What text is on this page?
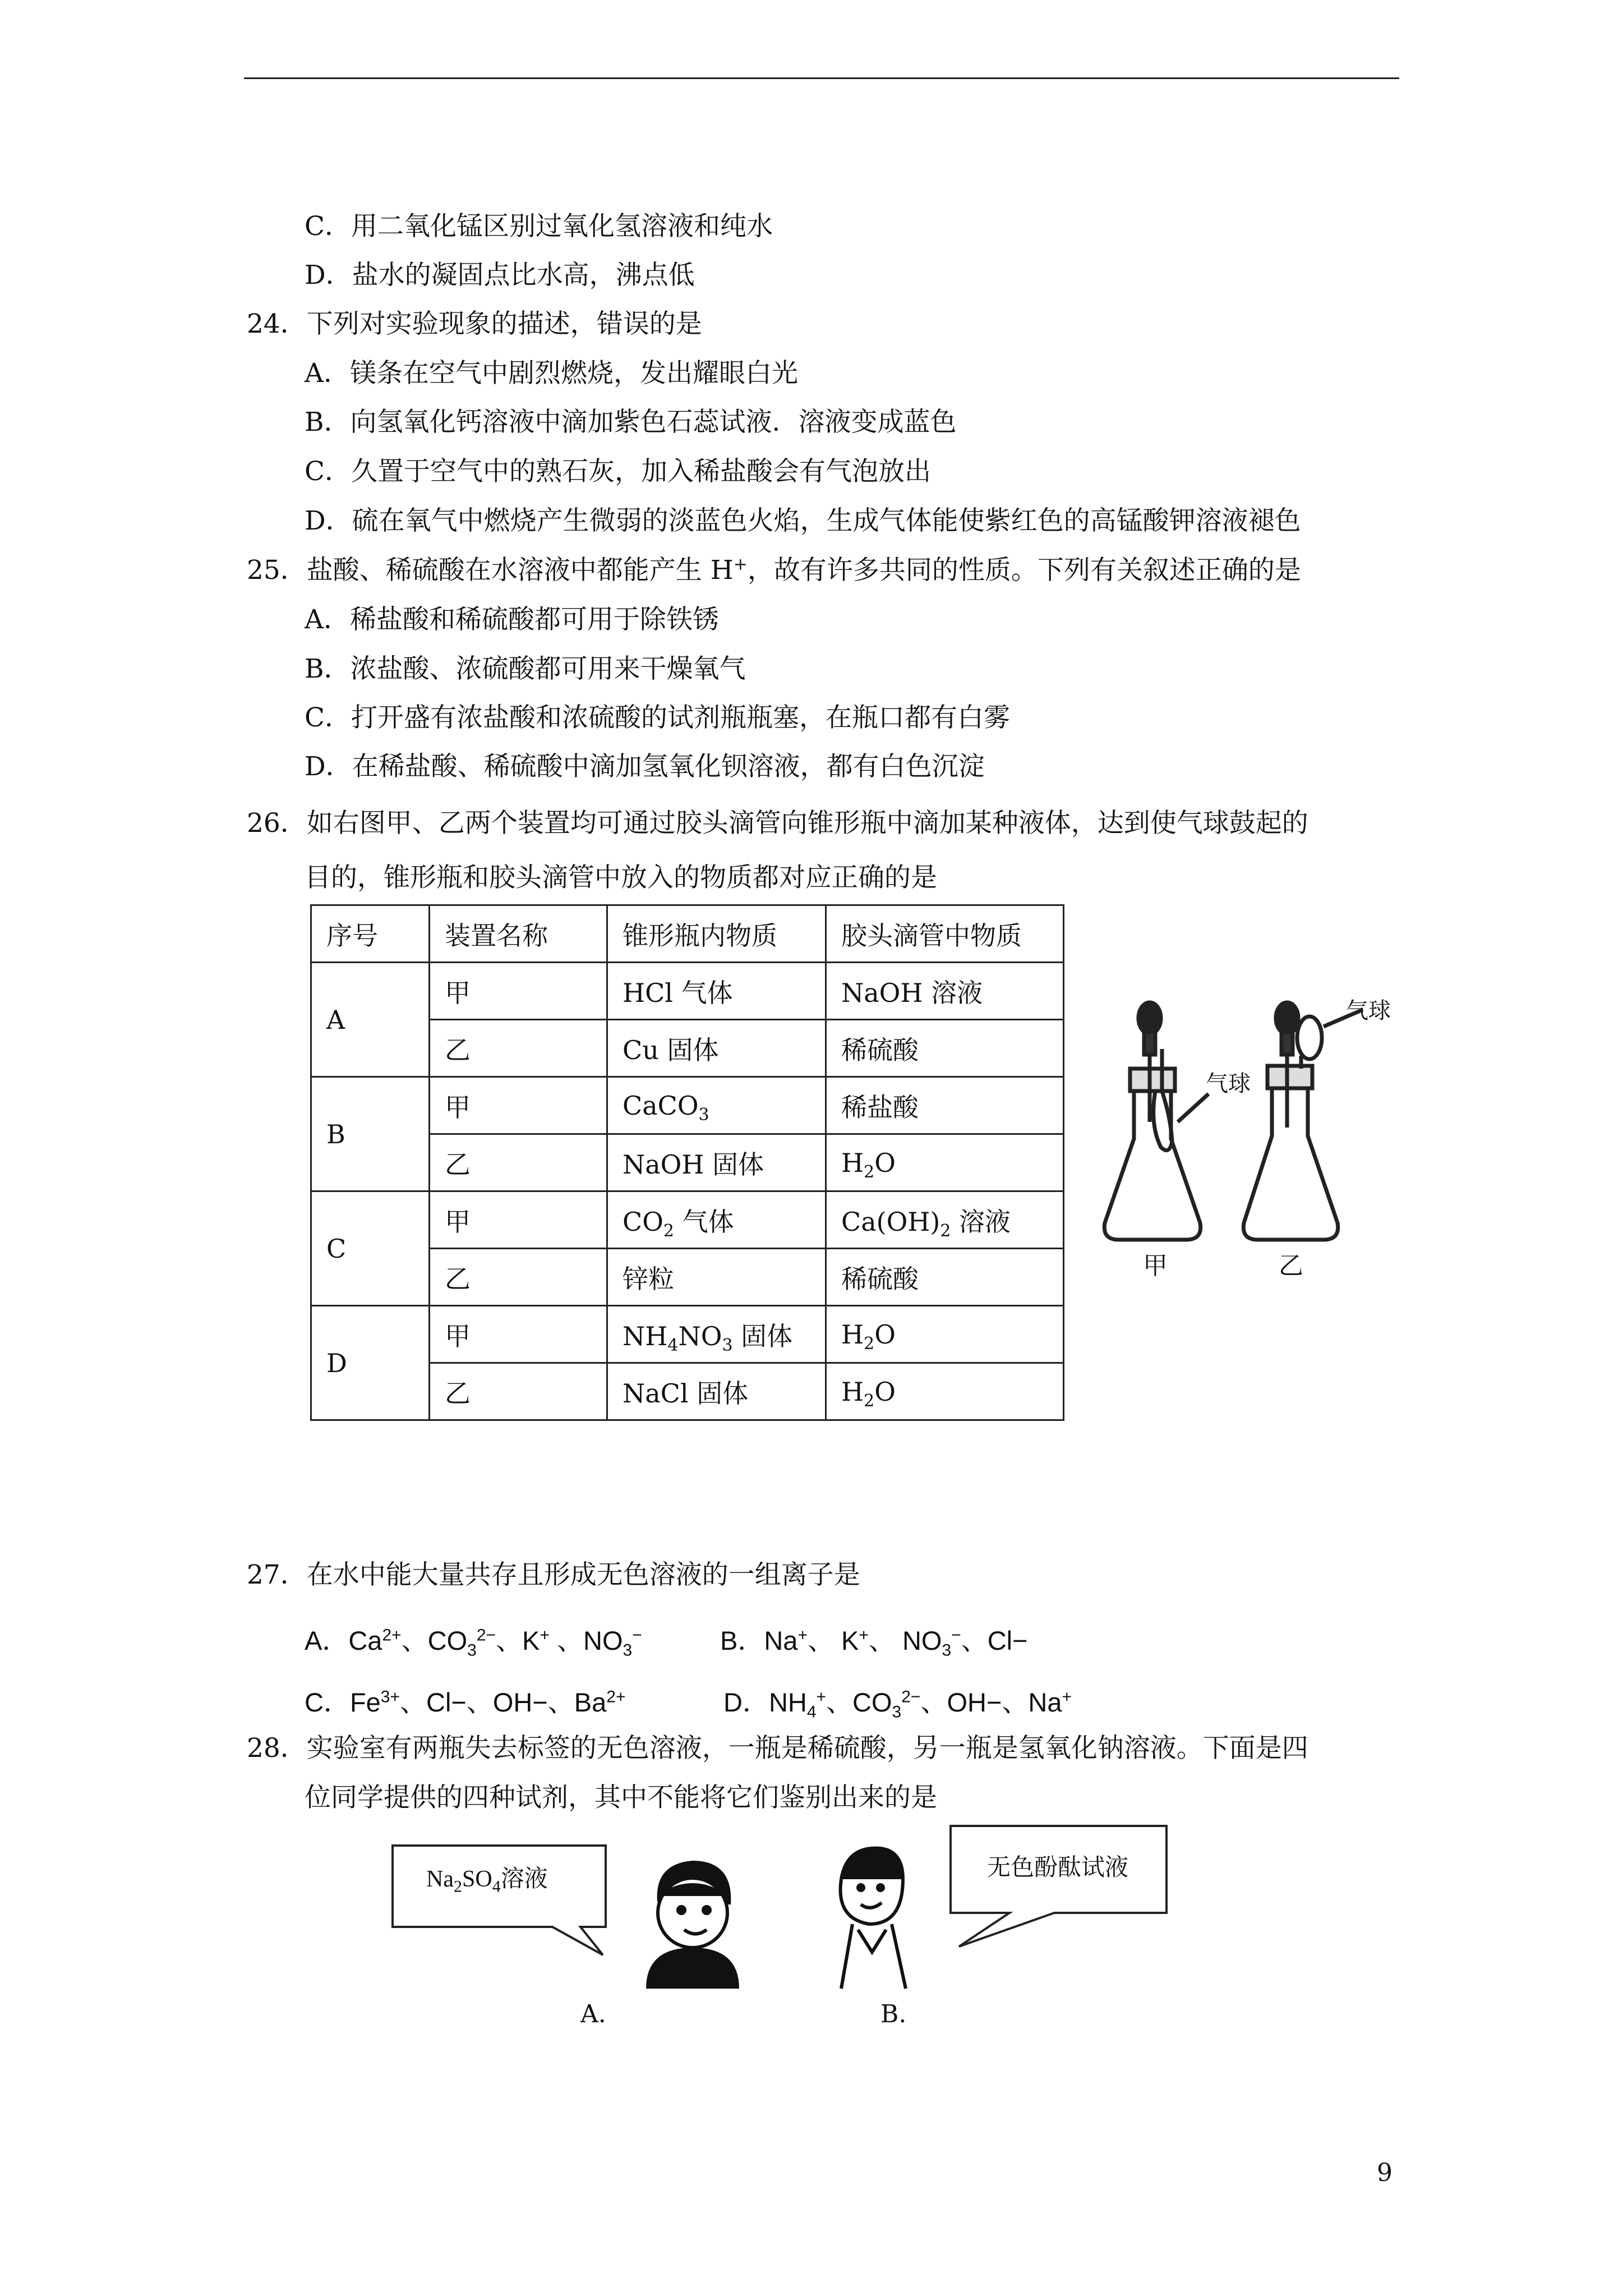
C．用二氧化锰区别过氧化氢溶液和纯水
D．盐水的凝固点比水高，沸点低
24．下列对实验现象的描述，错误的是
A．镁条在空气中剧烈燃烧，发出耀眼白光
B．向氢氧化钙溶液中滴加紫色石蕊试液．溶液变成蓝色
C．久置于空气中的熟石灰，加入稀盐酸会有气泡放出
D．硫在氧气中燃烧产生微弱的淡蓝色火焰，生成气体能使紫红色的高锰酸钾溶液褪色
25．盐酸、稀硫酸在水溶液中都能产生 H+，故有许多共同的性质。下列有关叙述正确的是
A．稀盐酸和稀硫酸都可用于除铁锈
B．浓盐酸、浓硫酸都可用来干燥氧气
C．打开盛有浓盐酸和浓硫酸的试剂瓶瓶塞，在瓶口都有白雾
D．在稀盐酸、稀硫酸中滴加氢氧化钡溶液，都有白色沉淀
26．如右图甲、乙两个装置均可通过胶头滴管向锥形瓶中滴加某种液体，达到使气球鼓起的
目的，锥形瓶和胶头滴管中放入的物质都对应正确的是
序号	装置名称	锥形瓶内物质	胶头滴管中物质
A	甲	HCl 气体	NaOH 溶液
	乙	Cu 固体	稀硫酸
B	甲	CaCO$_3$	稀盐酸
	乙	NaOH 固体	$H_2O$
C	甲	$CO_2$ 气体	$Ca(OH)_2$ 溶液
	乙	锌粒	稀硫酸
D	甲	$NH_4NO_3$ 固体	$H_2O$
	乙	NaCl 固体	$H_2O$
气球
气球
甲	乙
27．在水中能大量共存且形成无色溶液的一组离子是
A．$Ca^{2+}$、$CO_3^{2-}$、K+ 、$NO_3^-$	B．Na+、 K+、 $NO_3^-$、Cl−
C．$Fe^{3+}$、Cl−、OH−、$Ba^{2+}$	D．$NH_4^+$、$CO_3^{2-}$、OH−、Na+
28．实验室有两瓶失去标签的无色溶液，一瓶是稀硫酸，另一瓶是氢氧化钠溶液。下面是四
位同学提供的四种试剂，其中不能将它们鉴别出来的是
$Na_2SO_4$溶液	无色酚酞试液
A.	B.
9
